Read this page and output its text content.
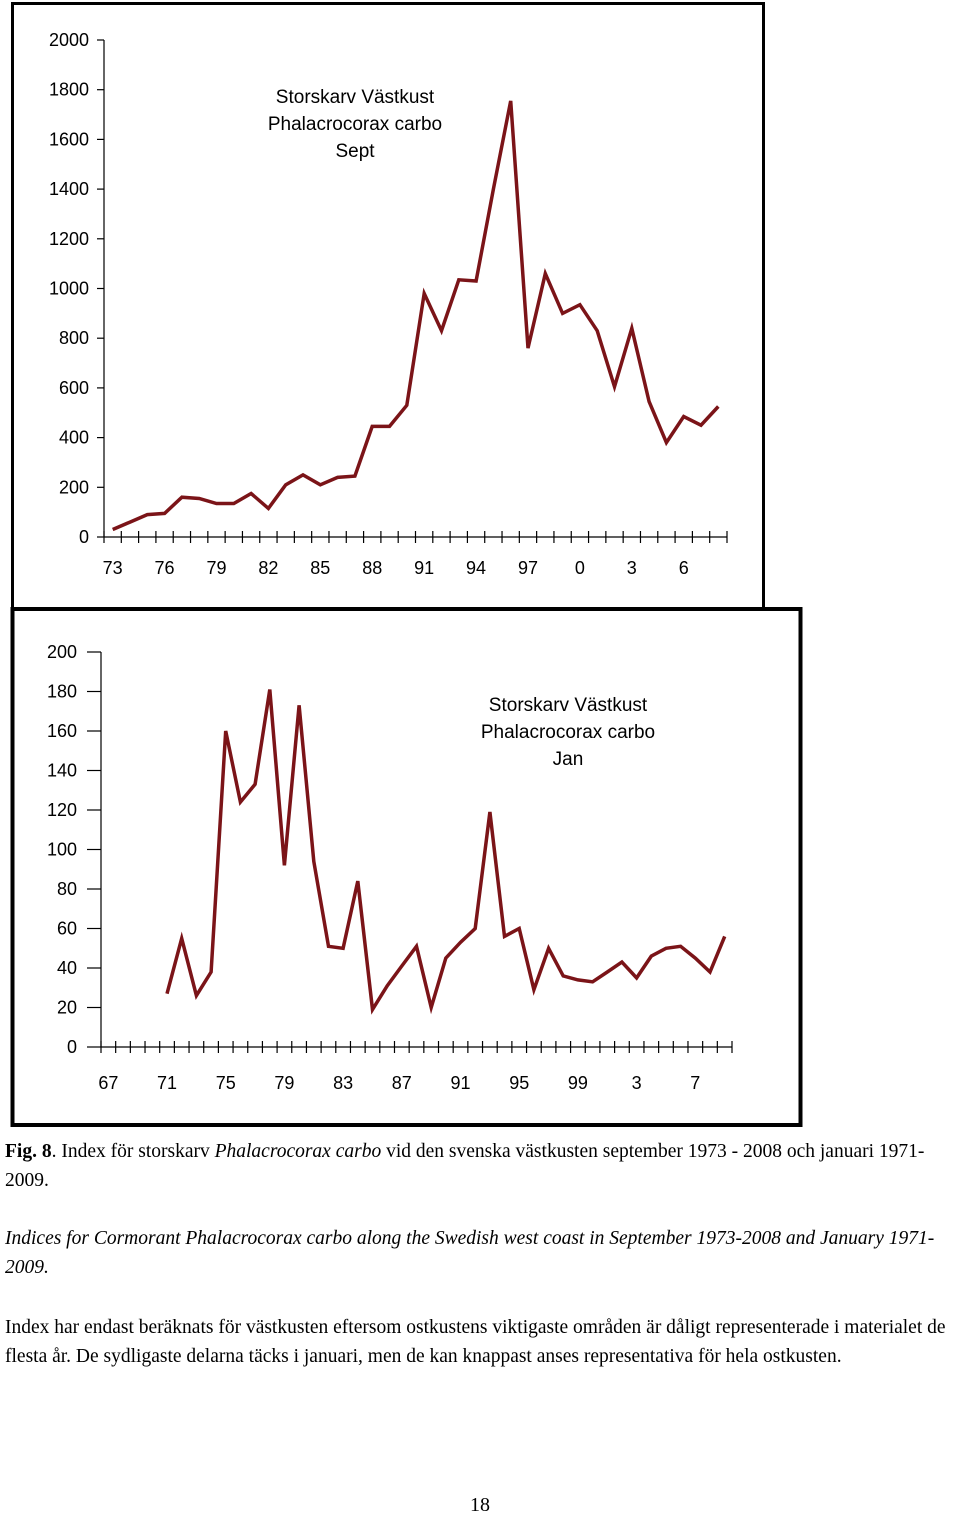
0
200
400
600
800
1000
1200
1400
1600
1800
2000
73 76 79 82 85 88 91 94 97 0 3 6
Storskarv Västkust
Phalacrocorax carbo
Sept
0
20
40
60
80
100
120
140
160
180
200
67 71 75 79 83 87 91 95 99 3	7
Storskarv Västkust
Phalacrocorax carbo
Jan

Fig. 8. Index för storskarv Phalacrocorax carbo vid den svenska västkusten september 1973 - 2008 och januari 1971-2009.

Indices for Cormorant Phalacrocorax carbo along the Swedish west coast in September 1973-2008 and January 1971-2009.

Index har endast beräknats för västkusten eftersom ostkustens viktigaste områden är dåligt representerade i materialet de flesta år. De sydligaste delarna täcks i januari, men de kan knappast anses representativa för hela ostkusten.

18
